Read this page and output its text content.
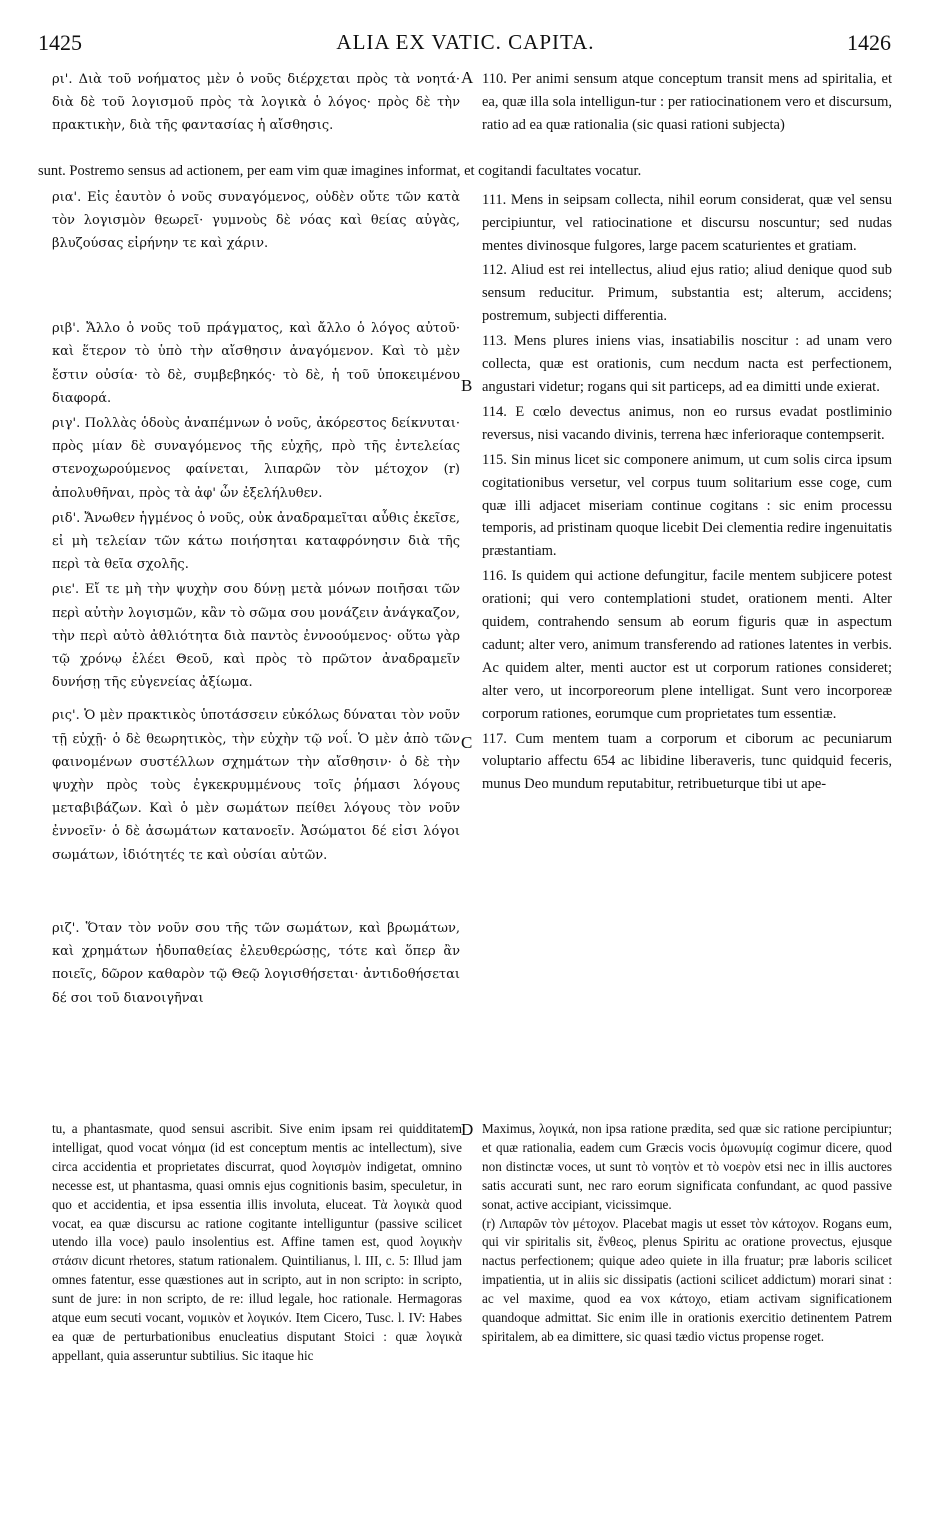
1425	ALIA EX VATIC. CAPITA.	1426

ρι'. Διὰ τοῦ νοήματος μὲν ὁ νοῦς διέρχεται πρὸς τὰ νοητά· διὰ δὲ τοῦ λογισμοῦ πρὸς τὰ λογικὰ ὁ λόγος· πρὸς δὲ τὴν πρακτικὴν, διὰ τῆς φαντασίας ἡ αἴσθησις.

ρια'. Εἰς ἑαυτὸν ὁ νοῦς συναγόμενος, οὐδὲν οὔτε τῶν κατὰ τὸν λογισμὸν θεωρεῖ· γυμνοὺς δὲ νόας καὶ θείας αὐγὰς, βλυζούσας εἰρήνην τε καὶ χάριν.

ριβ'. Ἄλλο ὁ νοῦς τοῦ πράγματος, καὶ ἄλλο ὁ λόγος αὐτοῦ· καὶ ἕτερον τὸ ὑπὸ τὴν αἴσθησιν ἀναγόμενον. Καὶ τὸ μὲν ἔστιν οὐσία· τὸ δὲ, συμβεβηκός· τὸ δὲ, ἡ τοῦ ὑποκειμένου διαφορά.

ριγ'. Πολλὰς ὁδοὺς ἀναπέμνων ὁ νοῦς, ἀκόρεστος δείκνυται· πρὸς μίαν δὲ συναγόμενος τῆς εὐχῆς, πρὸ τῆς ἐντελείας στενοχωρούμενος φαίνεται, λιπαρῶν τὸν μέτοχον (r) ἀπολυθῆναι, πρὸς τὰ ἀφ' ὧν ἐξελήλυθεν.

ριδ'. Ἄνωθεν ἡγμένος ὁ νοῦς, οὐκ ἀναδραμεῖται αὖθις ἐκεῖσε, εἰ μὴ τελείαν τῶν κάτω ποιήσηται καταφρόνησιν διὰ τῆς περὶ τὰ θεῖα σχολῆς.

ριε'. Εἴ τε μὴ τὴν ψυχὴν σου δύνῃ μετὰ μόνων ποιῆσαι τῶν περὶ αὐτὴν λογισμῶν, κἂν τὸ σῶμα σου μονάζειν ἀνάγκαζον, τὴν περὶ αὐτὸ ἀθλιότητα διὰ παντὸς ἐννοούμενος· οὕτω γὰρ τῷ χρόνῳ ἐλέει Θεοῦ, καὶ πρὸς τὸ πρῶτον ἀναδραμεῖν δυνήσῃ τῆς εὐγενείας ἀξίωμα.

ρις'. Ὁ μὲν πρακτικὸς ὑποτάσσειν εὐκόλως δύναται τὸν νοῦν τῇ εὐχῇ· ὁ δὲ θεωρητικὸς, τὴν εὐχὴν τῷ νοΐ. Ὁ μὲν ἀπὸ τῶν φαινομένων συστέλλων σχημάτων τὴν αἴσθησιν· ὁ δὲ τὴν ψυχὴν πρὸς τοὺς ἐγκεκρυμμένους τοῖς ῥήμασι λόγους μεταβιβάζων. Καὶ ὁ μὲν σωμάτων πείθει λόγους τὸν νοῦν ἐννοεῖν· ὁ δὲ ἀσωμάτων κατανοεῖν. Ἀσώματοι δέ εἰσι λόγοι σωμάτων, ἰδιότητές τε καὶ οὐσίαι αὐτῶν.

ριζ'. Ὅταν τὸν νοῦν σου τῆς τῶν σωμάτων, καὶ βρωμάτων, καὶ χρημάτων ἡδυπαθείας ἐλευθερώσῃς, τότε καὶ ὅπερ ἂν ποιεῖς, δῶρον καθαρὸν τῷ Θεῷ λογισθήσεται· ἀντιδοθήσεται δέ σοι τοῦ διανοιγῆναι

110. Per animi sensum atque conceptum transit mens ad spiritalia, et ea, quæ illa sola intelligun-tur : per ratiocinationem vero et discursum, ratio ad ea quæ rationalia (sic quasi rationi subjecta)

111. Mens in seipsam collecta, nihil eorum considerat, quæ vel sensu percipiuntur, vel ratiocinatione et discursu noscuntur; sed nudas mentes divinosque fulgores, large pacem scaturientes et gratiam.

112. Aliud est rei intellectus, aliud ejus ratio; aliud denique quod sub sensum reducitur. Primum, substantia est; alterum, accidens; postremum, subjecti differentia.

113. Mens plures iniens vias, insatiabilis noscitur : ad unam vero collecta, quæ est orationis, cum necdum nacta est perfectionem, angustari videtur; rogans qui sit particeps, ad ea dimitti unde exierat.

114. E cœlo devectus animus, non eo rursus evadat postliminio reversus, nisi vacando divinis, terrena hæc inferioraque contempserit.

115. Sin minus licet sic componere animum, ut cum solis circa ipsum cogitationibus versetur, vel corpus tuum solitarium esse coge, cum quæ illi adjacet miseriam continue cogitans : sic enim processu temporis, ad pristinam quoque licebit Dei clementia redire ingenuitatis præstantiam.

116. Is quidem qui actione defungitur, facile mentem subjicere potest orationi; qui vero contemplationi studet, orationem menti. Alter quidem, contrahendo sensum ab eorum figuris quæ in aspectum cadunt; alter vero, animum transferendo ad rationes latentes in verbis. Ac quidem alter, menti auctor est ut corporum rationes consideret; alter vero, ut incorporeorum plene intelligat. Sunt vero incorporeæ corporum rationes, eorumque cum proprietates tum essentiæ.

117. Cum mentem tuam a corporum et ciborum ac pecuniarum voluptario affectu 654 ac libidine liberaveris, tunc quidquid feceris, munus Deo mundum reputabitur, retribueturque tibi ut ape-

sunt. Postremo sensus ad actionem, per eam vim quæ imagines informat, et cogitandi facultates vocatur.
A
B
C
D

tu, a phantasmate, quod sensui ascribit. Sive enim ipsam rei quidditatem intelligat, quod vocat νόημα (id est conceptum mentis ac intellectum), sive circa accidentia et proprietates discurrat, quod λογισμὸν indigetat, omnino necesse est, ut phantasma, quasi omnis ejus cognitionis basim, speculetur, in quo et accidentia, et ipsa essentia illis involuta, eluceat. Τὰ λογικὰ quod vocat, ea quæ discursu ac ratione cogitante intelliguntur (passive scilicet utendo illa voce) paulo insolentius est. Affine tamen est, quod λογικὴν στάσιν dicunt rhetores, statum rationalem. Quintilianus, l. III, c. 5: Illud jam omnes fatentur, esse quæstiones aut in scripto, aut in non scripto: in scripto, sunt de jure: in non scripto, de re: illud legale, hoc rationale. Hermagoras atque eum secuti vocant, νομικὸν et λογικόν. Item Cicero, Tusc. l. IV: Habes ea quæ de perturbationibus enucleatius disputant Stoici : quæ λογικὰ appellant, quia asseruntur subtilius. Sic itaque hic

Maximus, λογικά, non ipsa ratione prædita, sed quæ sic ratione percipiuntur; et quæ rationalia, eadem cum Græcis vocis ὁμωνυμίᾳ cogimur dicere, quod non distinctæ voces, ut sunt τὸ νοητὸν et τὸ νοερὸν etsi nec in illis auctores satis accurati sunt, nec raro eorum significata confundant, ac quod passive sonat, active accipiant, vicissimque.

(r) Λιπαρῶν τὸν μέτοχον. Placebat magis ut esset τὸν κάτοχον. Rogans eum, qui vir spiritalis sit, ἔνθεος, plenus Spiritu ac oratione provectus, ejusque nactus perfectionem; quique adeo quiete in illa fruatur; præ laboris scilicet impatientia, ut in aliis sic dissipatis (actioni scilicet addictum) morari sinat : ac vel maxime, quod ea vox κάτοχο, etiam activam significationem quandoque admittat. Sic enim ille in orationis exercitio detinentem Patrem spiritalem, ab ea dimittere, sic quasi tædio victus propense roget.
